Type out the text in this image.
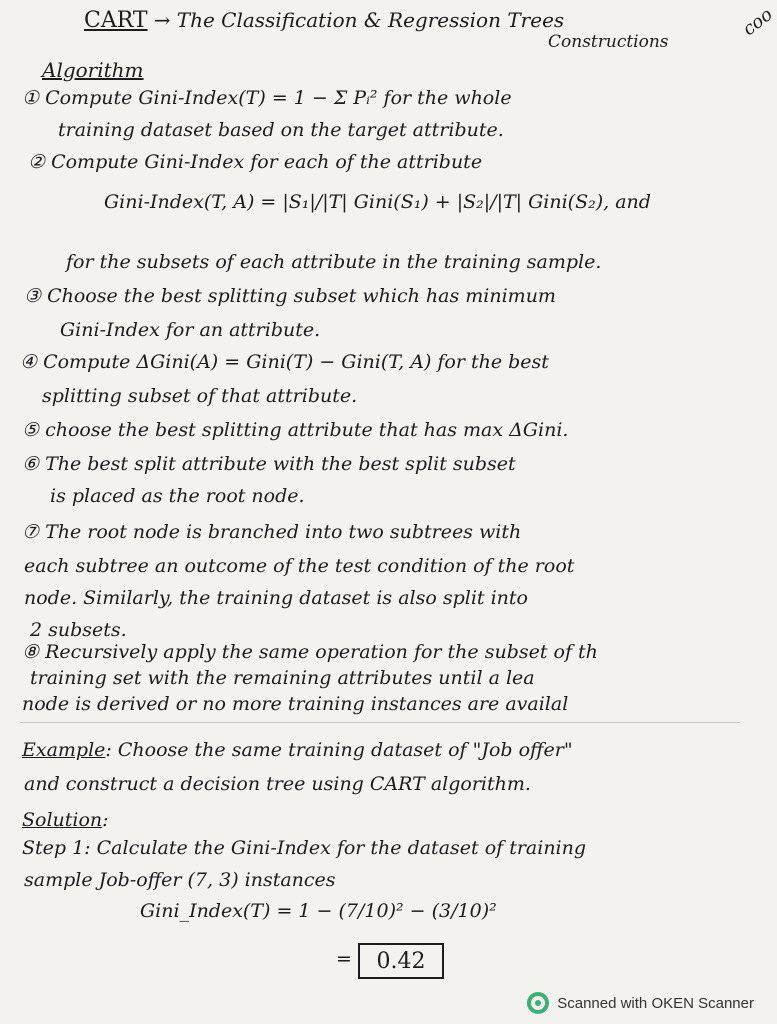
coo
CART → The Classification & Regression Trees
Constructions
Algorithm
① Compute Gini-Index(T) = 1 − Σ Pᵢ² for the whole
training dataset based on the target attribute.
② Compute Gini-Index for each of the attribute
Gini-Index(T, A) = |S₁|/|T| Gini(S₁) + |S₂|/|T| Gini(S₂), and
for the subsets of each attribute in the training sample.
③ Choose the best splitting subset which has minimum
Gini-Index for an attribute.
④ Compute ΔGini(A) = Gini(T) − Gini(T, A) for the best
splitting subset of that attribute.
⑤ choose the best splitting attribute that has max ΔGini.
⑥ The best split attribute with the best split subset
is placed as the root node.
⑦ The root node is branched into two subtrees with
each subtree an outcome of the test condition of the root
node. Similarly, the training dataset is also split into
2 subsets.
⑧ Recursively apply the same operation for the subset of th
training set with the remaining attributes until a lea
node is derived or no more training instances are availal
Example: Choose the same training dataset of "Job offer"
and construct a decision tree using CART algorithm.
Solution:
Step 1: Calculate the Gini-Index for the dataset of training
sample Job-offer (7, 3) instances
Gini_Index(T) = 1 − (7/10)² − (3/10)²
=	0.42
Scanned with OKEN Scanner
